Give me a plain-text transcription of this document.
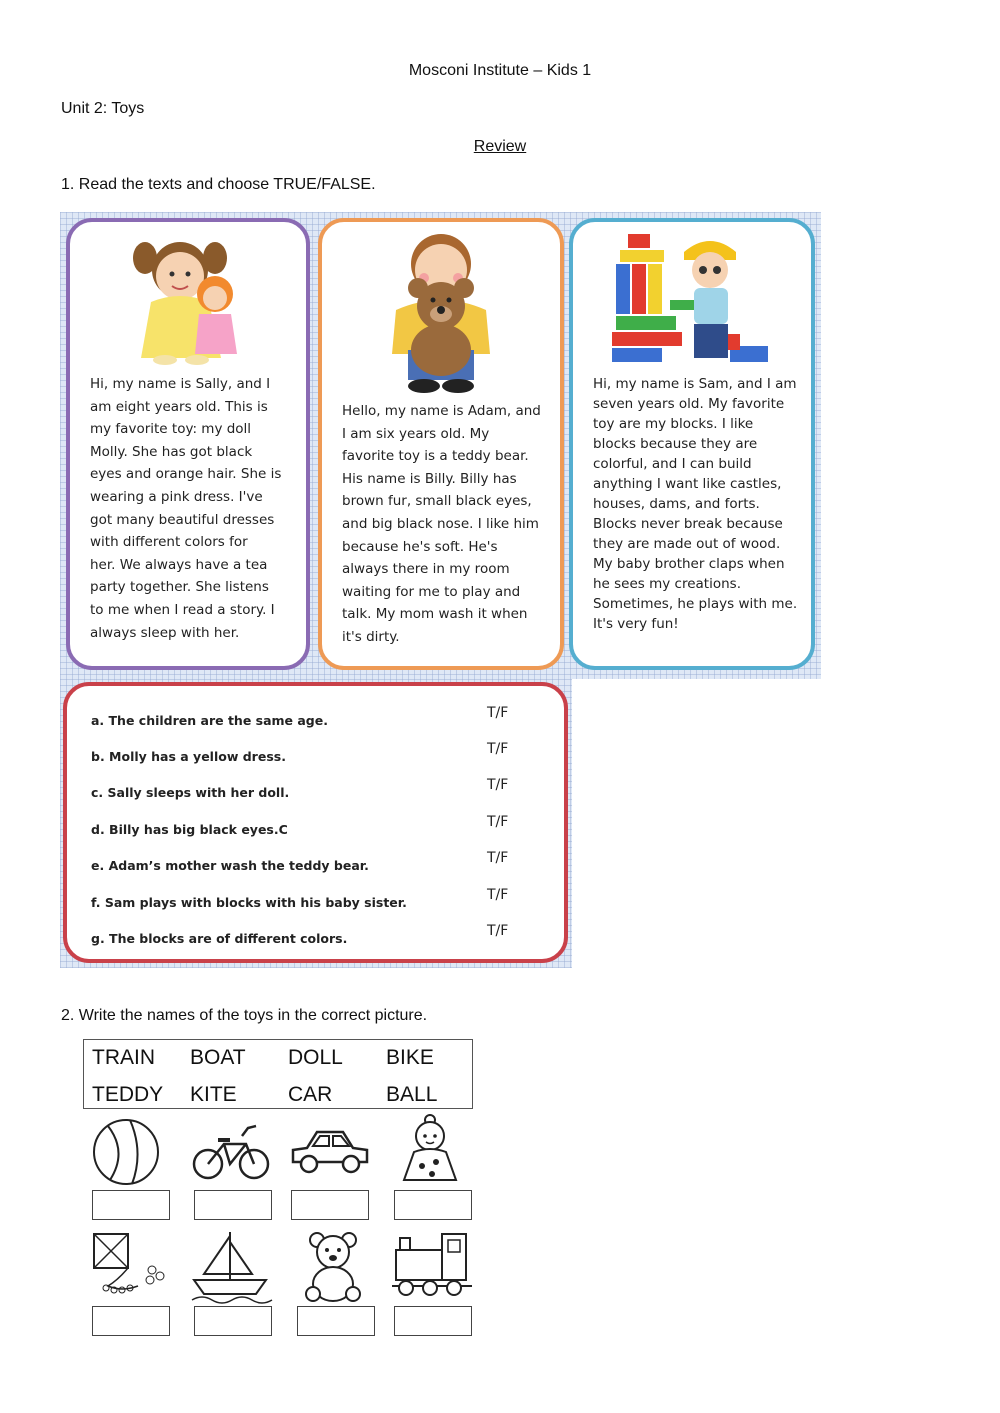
Mosconi Institute – Kids 1
Unit 2: Toys
Review
1. Read the texts and choose TRUE/FALSE.
Hi, my name is Sally, and I
am eight years old. This is
my favorite toy: my doll
Molly. She has got black
eyes and orange hair. She is
wearing a pink dress. I've
got many beautiful dresses
with different colors for
her. We always have a tea
party together. She listens
to me when I read a story. I
always sleep with her.
Hello, my name is Adam, and
I am six years old. My
favorite toy is a teddy bear.
His name is Billy. Billy has
brown fur, small black eyes,
and big black nose. I like him
because he's soft. He's
always there in my room
waiting for me to play and
talk. My mom wash it when
it's dirty.
Hi, my name is Sam, and I am
seven years old. My favorite
toy are my blocks. I like
blocks because they are
colorful, and I can build
anything I want like castles,
houses, dams, and forts.
Blocks never break because
they are made out of wood.
My baby brother claps when
he sees my creations.
Sometimes, he plays with me.
It's very fun!
a. The children are the same age.	T/F
b. Molly has a yellow dress.	T/F
c. Sally sleeps with her doll.	T/F
d. Billy has big black eyes.C	T/F
e. Adam’s mother wash the teddy bear.	T/F
f. Sam plays with blocks with his baby sister.	T/F
g. The blocks are of different colors.	T/F
2. Write the names of the toys in the correct picture.
TRAIN BOAT DOLL BIKE
TEDDY KITE CAR	BALL
